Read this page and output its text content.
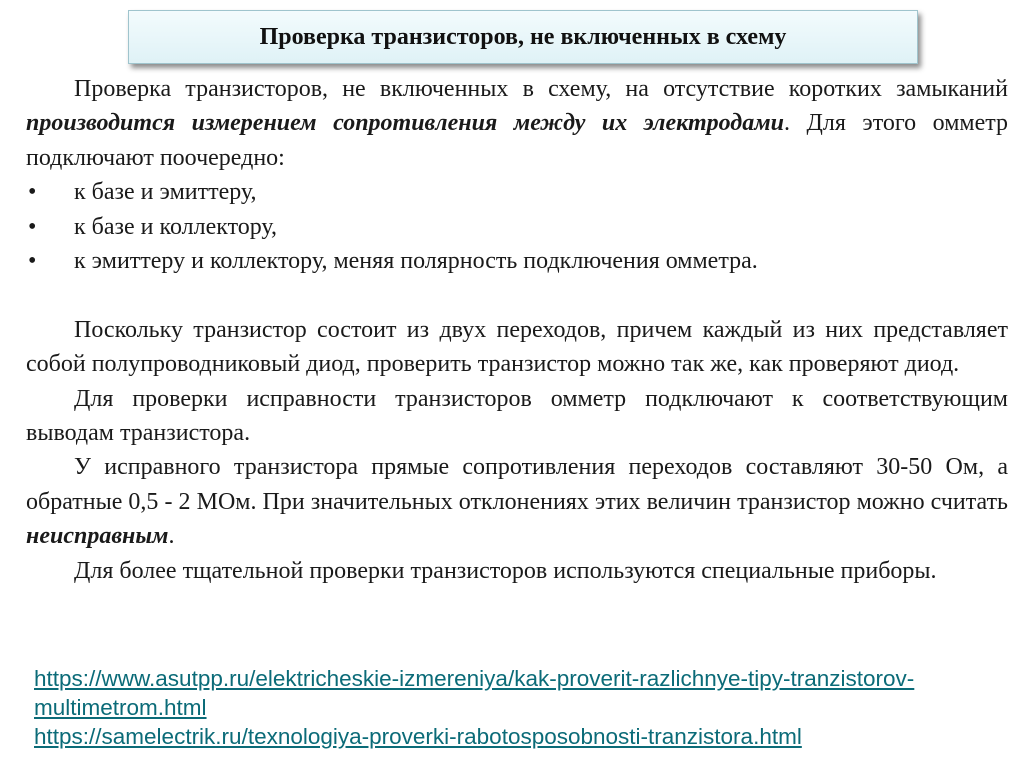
Проверка транзисторов, не включенных в схему

Проверка транзисторов, не включенных в схему, на отсутствие коротких замыканий производится измерением сопротивления между их электродами. Для этого омметр подключают поочередно:

•	к базе и эмиттеру,
•	к базе и коллектору,
•	к эмиттеру и коллектору, меняя полярность подключения омметра.

Поскольку транзистор состоит из двух переходов, причем каждый из них представляет собой полупроводниковый диод, проверить транзистор можно так же, как проверяют диод.

Для проверки исправности транзисторов омметр подключают к соответствующим выводам транзистора.

У исправного транзистора прямые сопротивления переходов составляют 30-50 Ом, а обратные 0,5 - 2 МОм. При значительных отклонениях этих величин транзистор можно считать неисправным.

Для более тщательной проверки транзисторов используются специальные приборы.

https://www.asutpp.ru/elektricheskie-izmereniya/kak-proverit-razlichnye-tipy-tranzistorov-multimetrom.html
https://samelectrik.ru/texnologiya-proverki-rabotosposobnosti-tranzistora.html
